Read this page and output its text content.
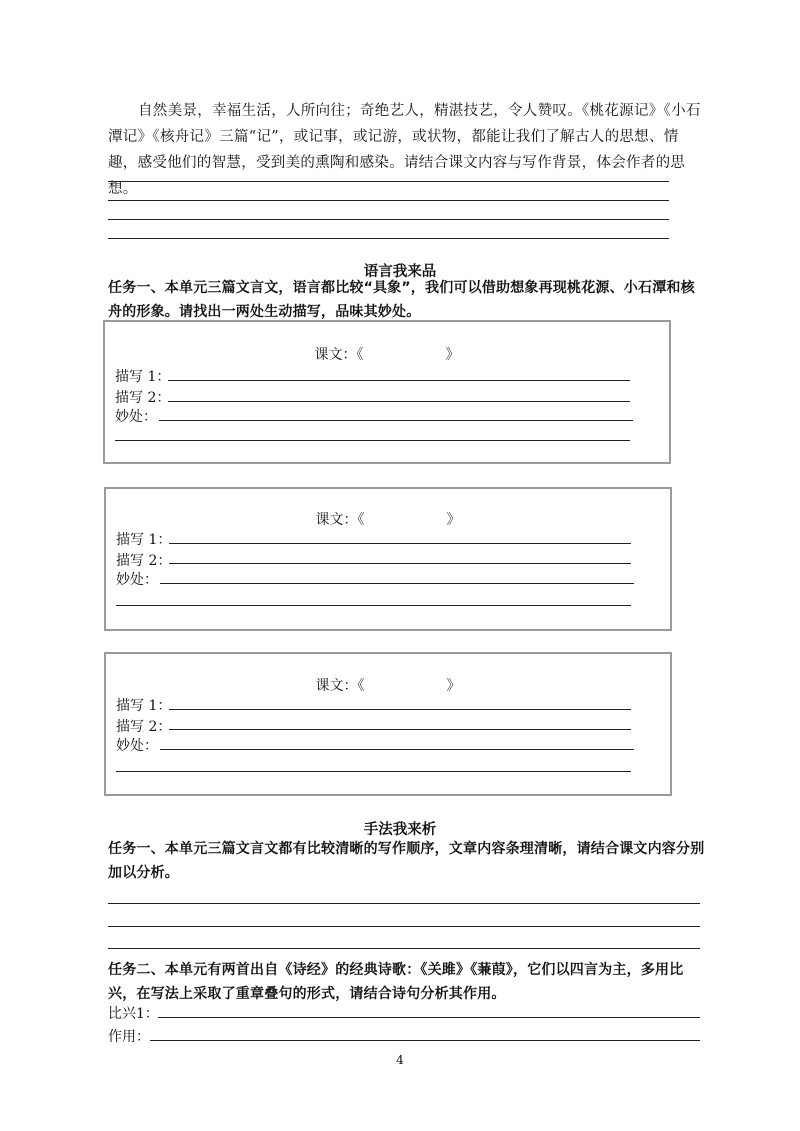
自然美景，幸福生活，人所向往；奇绝艺人，精湛技艺，令人赞叹。《桃花源记》《小石潭记》《核舟记》三篇“记”，或记事，或记游，或状物，都能让我们了解古人的思想、情趣，感受他们的智慧，受到美的熏陶和感染。请结合课文内容与写作背景，体会作者的思想。
语言我来品
任务一、本单元三篇文言文，语言都比较“具象”，我们可以借助想象再现桃花源、小石潭和核舟的形象。请找出一两处生动描写，品味其妙处。
课文：《	》
描写 1：
描写 2：
妙处：
课文：《	》
描写 1：
描写 2：
妙处：
课文：《	》
描写 1：
描写 2：
妙处：
手法我来析
任务一、本单元三篇文言文都有比较清晰的写作顺序，文章内容条理清晰，请结合课文内容分别加以分析。
任务二、本单元有两首出自《诗经》的经典诗歌：《关雎》《蒹葭》，它们以四言为主，多用比兴，在写法上采取了重章叠句的形式，请结合诗句分析其作用。
比兴1：
作用：
4
